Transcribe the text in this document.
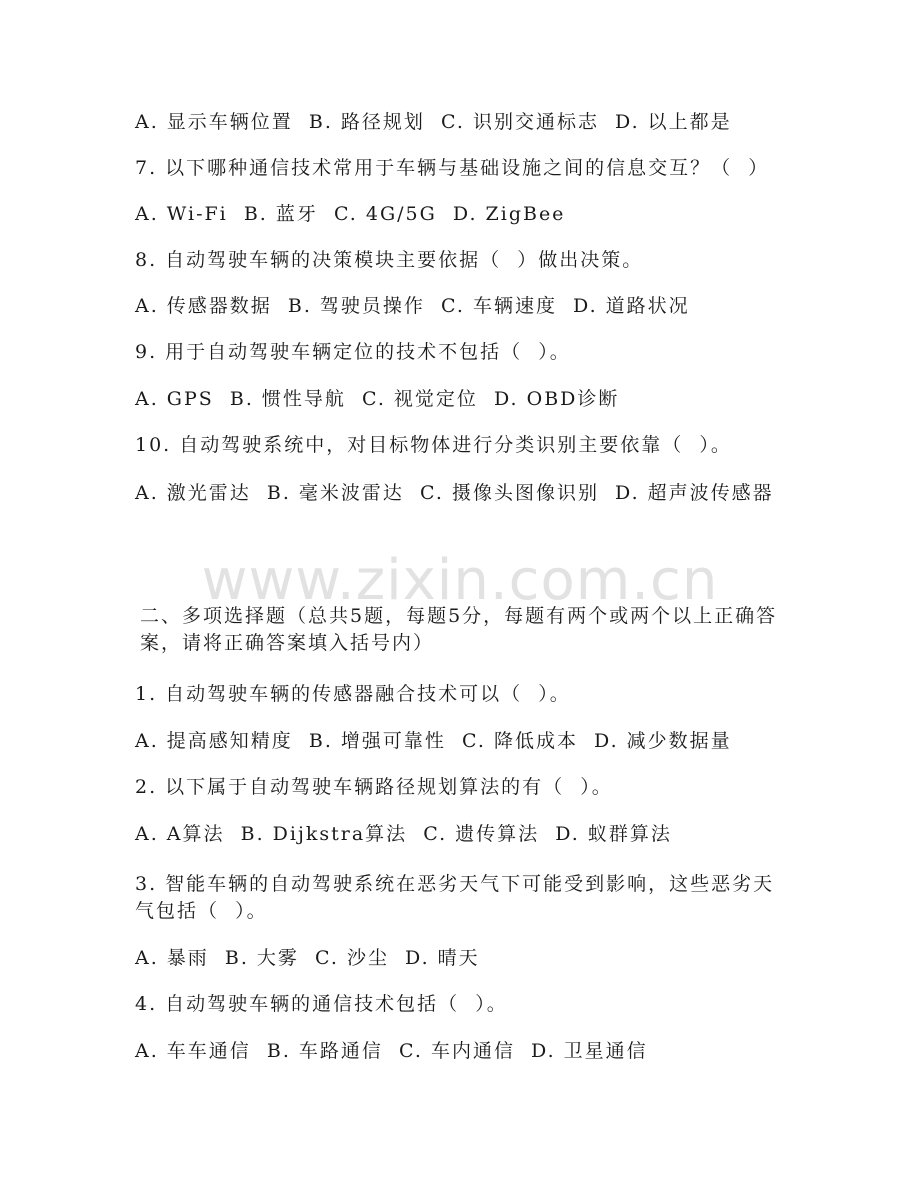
A. 显示车辆位置  B. 路径规划  C. 识别交通标志  D. 以上都是
7. 以下哪种通信技术常用于车辆与基础设施之间的信息交互？（  ）
A. Wi-Fi  B. 蓝牙  C. 4G/5G  D. ZigBee
8. 自动驾驶车辆的决策模块主要依据（  ）做出决策。
A. 传感器数据  B. 驾驶员操作  C. 车辆速度  D. 道路状况
9. 用于自动驾驶车辆定位的技术不包括（  ）。
A. GPS  B. 惯性导航  C. 视觉定位  D. OBD诊断
10. 自动驾驶系统中，对目标物体进行分类识别主要依靠（  ）。
A. 激光雷达  B. 毫米波雷达  C. 摄像头图像识别  D. 超声波传感器
二、多项选择题（总共5题，每题5分，每题有两个或两个以上正确答案，请将正确答案填入括号内）
1. 自动驾驶车辆的传感器融合技术可以（  ）。
A. 提高感知精度  B. 增强可靠性  C. 降低成本  D. 减少数据量
2. 以下属于自动驾驶车辆路径规划算法的有（  ）。
A. A算法  B. Dijkstra算法  C. 遗传算法  D. 蚁群算法
3. 智能车辆的自动驾驶系统在恶劣天气下可能受到影响，这些恶劣天气包括（  ）。
A. 暴雨  B. 大雾  C. 沙尘  D. 晴天
4. 自动驾驶车辆的通信技术包括（  ）。
A. 车车通信  B. 车路通信  C. 车内通信  D. 卫星通信
www.zixin.com.cn
